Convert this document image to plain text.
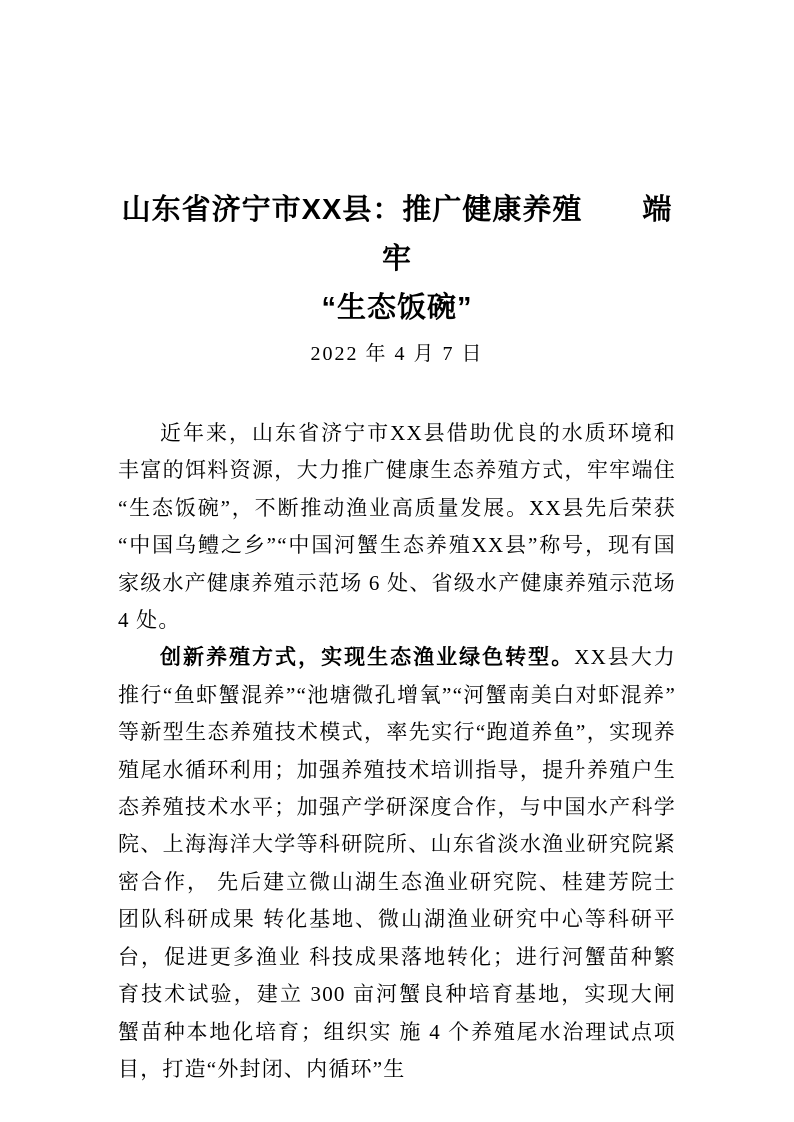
山东省济宁市XX县：推广健康养殖　　端牢
“生态饭碗”
2022 年 4 月 7 日

近年来，山东省济宁市XX县借助优良的水质环境和丰富的饵料资源，大力推广健康生态养殖方式，牢牢端住“生态饭碗”，不断推动渔业高质量发展。XX县先后荣获“中国乌鳢之乡”“中国河蟹生态养殖XX县”称号，现有国家级水产健康养殖示范场 6 处、省级水产健康养殖示范场 4 处。

创新养殖方式，实现生态渔业绿色转型。XX县大力推行“鱼虾蟹混养”“池塘微孔增氧”“河蟹南美白对虾混养”等新型生态养殖技术模式，率先实行“跑道养鱼”，实现养 殖尾水循环利用；加强养殖技术培训指导，提升养殖户生态养殖技术水平；加强产学研深度合作，与中国水产科学院、上海海洋大学等科研院所、山东省淡水渔业研究院紧密合作， 先后建立微山湖生态渔业研究院、桂建芳院士团队科研成果 转化基地、微山湖渔业研究中心等科研平台，促进更多渔业 科技成果落地转化；进行河蟹苗种繁育技术试验，建立 300 亩河蟹良种培育基地，实现大闸蟹苗种本地化培育；组织实 施 4 个养殖尾水治理试点项目，打造“外封闭、内循环”生
